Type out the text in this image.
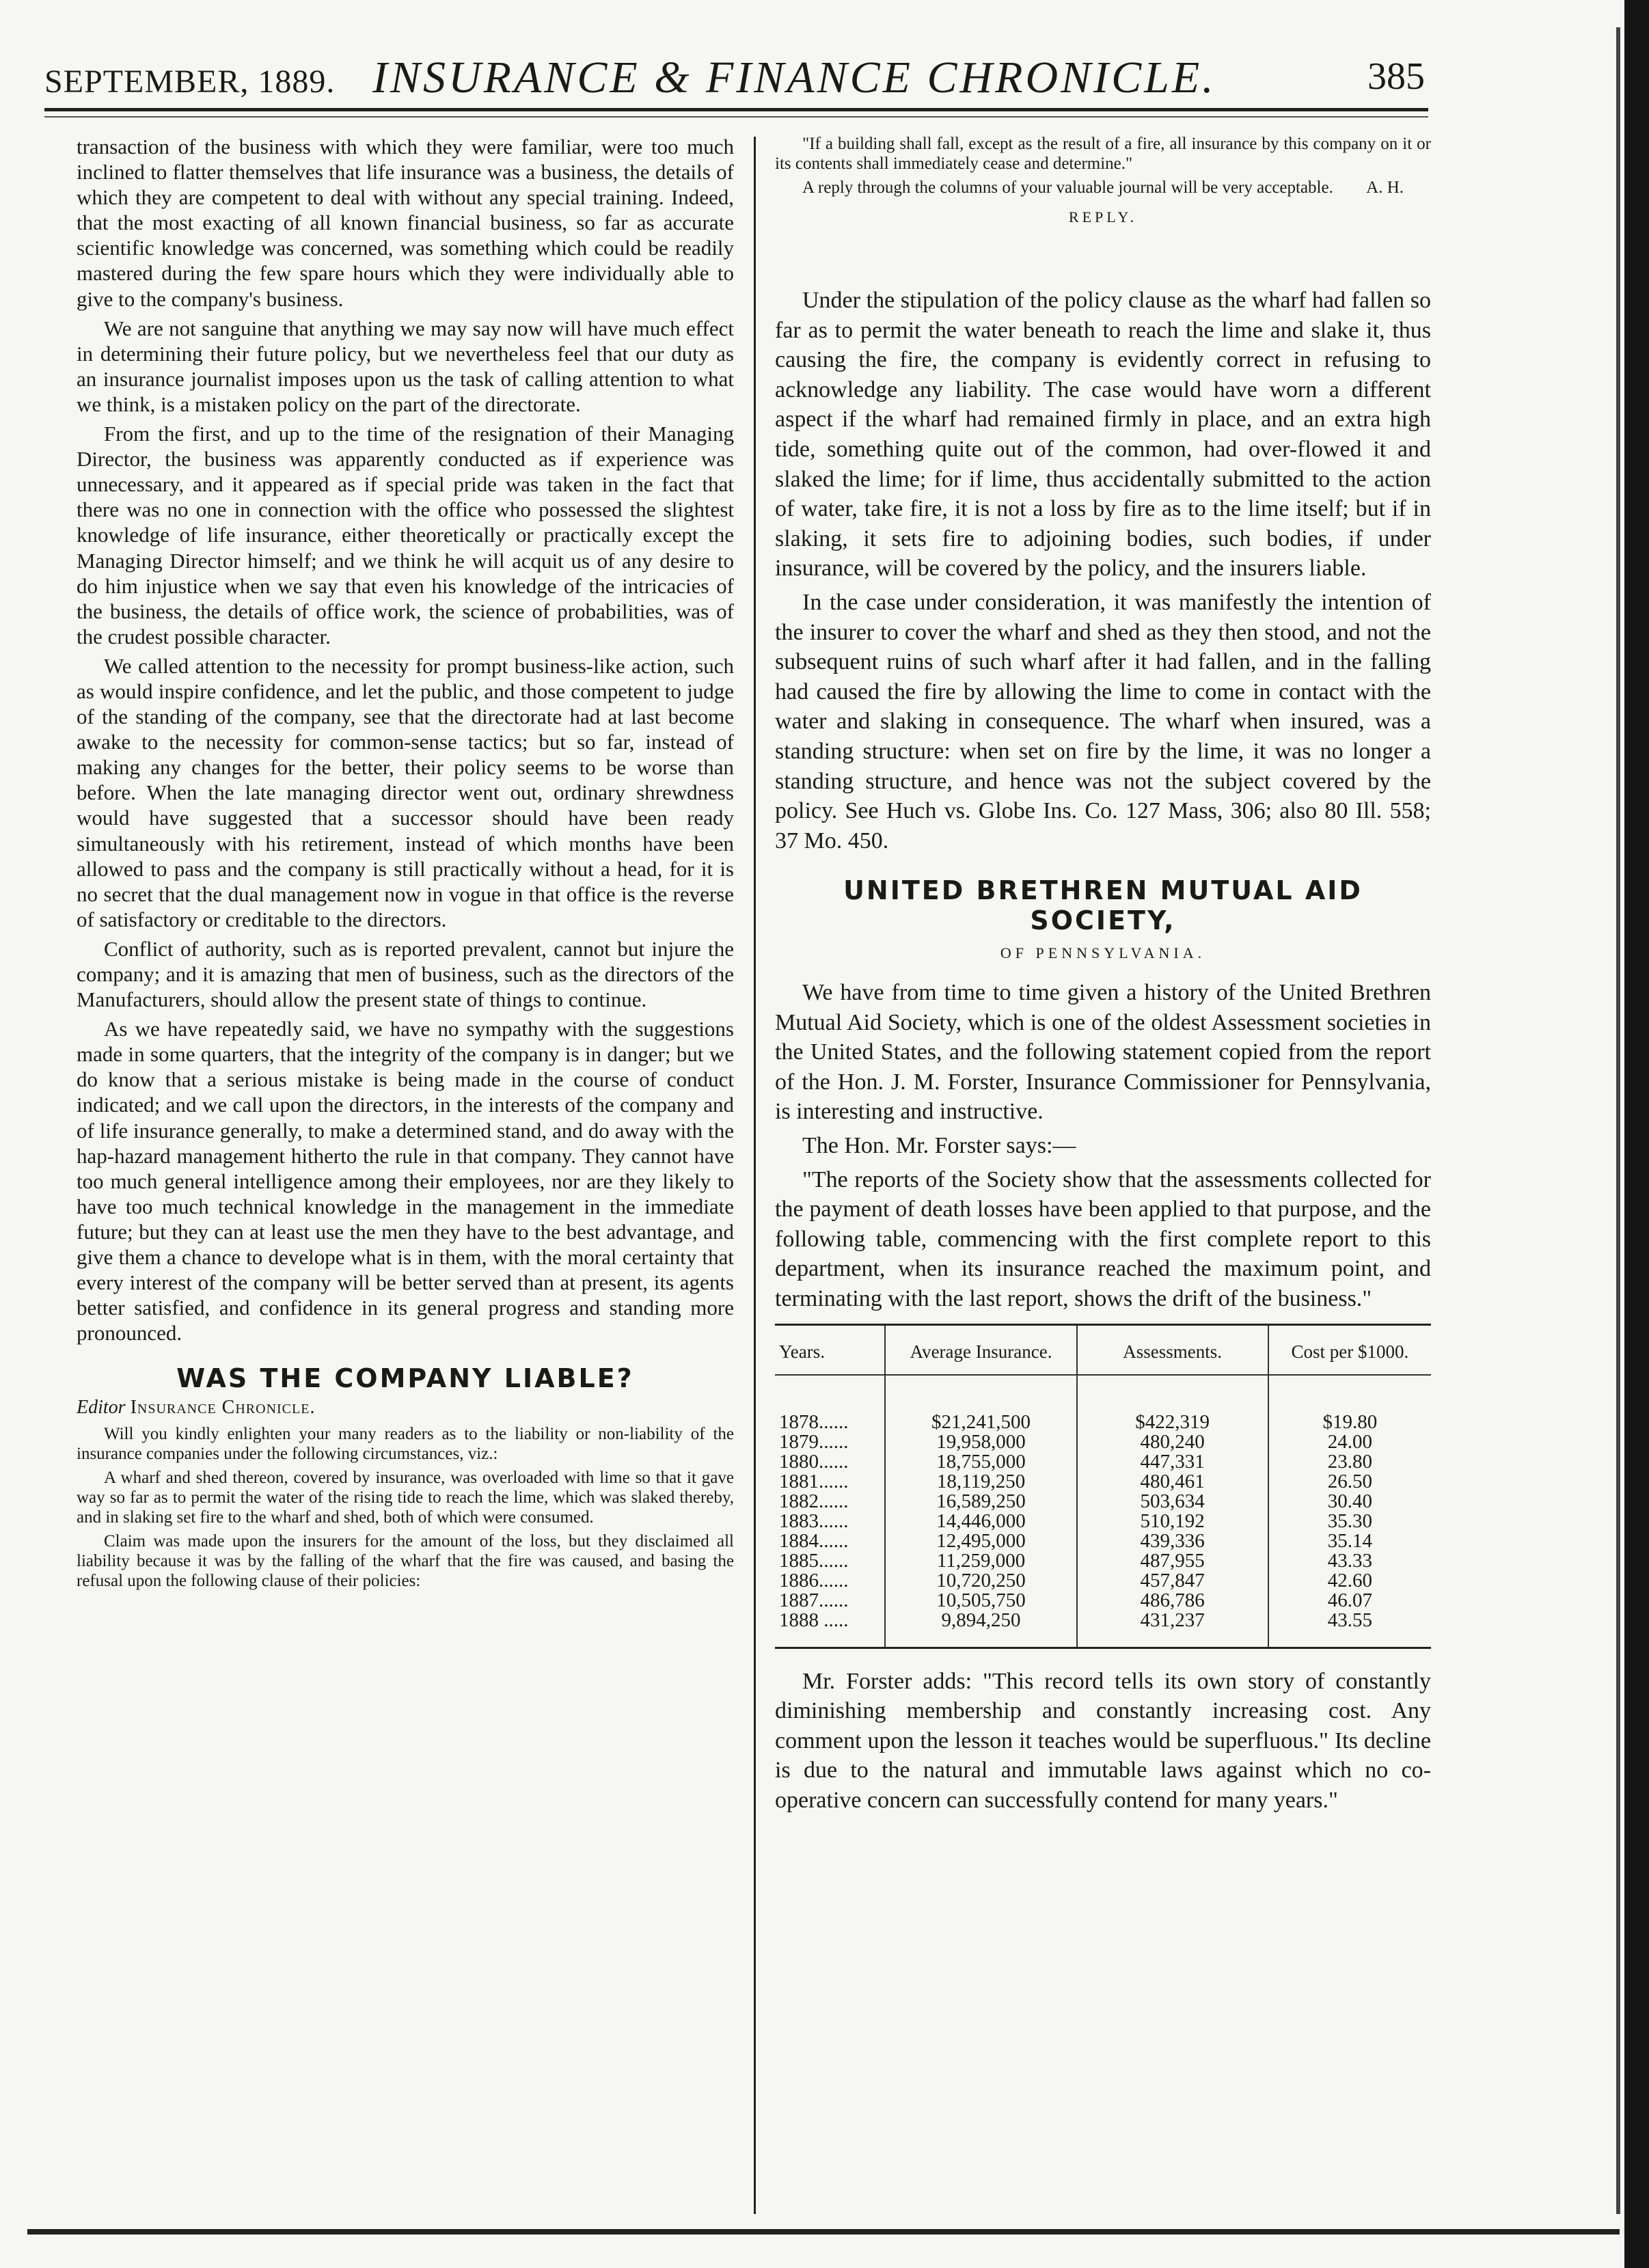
SEPTEMBER, 1889. INSURANCE & FINANCE CHRONICLE.	385

transaction of the business with which they were familiar, were too much inclined to flatter themselves that life insurance was a business, the details of which they are competent to deal with without any special training. Indeed, that the most exacting of all known financial business, so far as accurate scientific knowledge was concerned, was something which could be readily mastered during the few spare hours which they were individually able to give to the company's business.

We are not sanguine that anything we may say now will have much effect in determining their future policy, but we nevertheless feel that our duty as an insurance journalist imposes upon us the task of calling attention to what we think, is a mistaken policy on the part of the directorate.

From the first, and up to the time of the resignation of their Managing Director, the business was apparently conducted as if experience was unnecessary, and it appeared as if special pride was taken in the fact that there was no one in connection with the office who possessed the slightest knowledge of life insurance, either theoretically or practically except the Managing Director himself; and we think he will acquit us of any desire to do him injustice when we say that even his knowledge of the intricacies of the business, the details of office work, the science of probabilities, was of the crudest possible character.

We called attention to the necessity for prompt business-like action, such as would inspire confidence, and let the public, and those competent to judge of the standing of the company, see that the directorate had at last become awake to the necessity for common-sense tactics; but so far, instead of making any changes for the better, their policy seems to be worse than before. When the late managing director went out, ordinary shrewdness would have suggested that a successor should have been ready simultaneously with his retirement, instead of which months have been allowed to pass and the company is still practically without a head, for it is no secret that the dual management now in vogue in that office is the reverse of satisfactory or creditable to the directors.

Conflict of authority, such as is reported prevalent, cannot but injure the company; and it is amazing that men of business, such as the directors of the Manufacturers, should allow the present state of things to continue.

As we have repeatedly said, we have no sympathy with the suggestions made in some quarters, that the integrity of the company is in danger; but we do know that a serious mistake is being made in the course of conduct indicated; and we call upon the directors, in the interests of the company and of life insurance generally, to make a determined stand, and do away with the hap-hazard management hitherto the rule in that company. They cannot have too much general intelligence among their employees, nor are they likely to have too much technical knowledge in the management in the immediate future; but they can at least use the men they have to the best advantage, and give them a chance to develope what is in them, with the moral certainty that every interest of the company will be better served than at present, its agents better satisfied, and confidence in its general progress and standing more pronounced.

WAS THE COMPANY LIABLE?
Editor Insurance Chronicle.

Will you kindly enlighten your many readers as to the liability or non-liability of the insurance companies under the following circumstances, viz.:

A wharf and shed thereon, covered by insurance, was overloaded with lime so that it gave way so far as to permit the water of the rising tide to reach the lime, which was slaked thereby, and in slaking set fire to the wharf and shed, both of which were consumed.

Claim was made upon the insurers for the amount of the loss, but they disclaimed all liability because it was by the falling of the wharf that the fire was caused, and basing the refusal upon the following clause of their policies:

"If a building shall fall, except as the result of a fire, all insurance by this company on it or its contents shall immediately cease and determine."

A reply through the columns of your valuable journal will be very acceptable.	A. H.

REPLY.

Under the stipulation of the policy clause as the wharf had fallen so far as to permit the water beneath to reach the lime and slake it, thus causing the fire, the company is evidently correct in refusing to acknowledge any liability. The case would have worn a different aspect if the wharf had remained firmly in place, and an extra high tide, something quite out of the common, had over-flowed it and slaked the lime; for if lime, thus accidentally submitted to the action of water, take fire, it is not a loss by fire as to the lime itself; but if in slaking, it sets fire to adjoining bodies, such bodies, if under insurance, will be covered by the policy, and the insurers liable.

In the case under consideration, it was manifestly the intention of the insurer to cover the wharf and shed as they then stood, and not the subsequent ruins of such wharf after it had fallen, and in the falling had caused the fire by allowing the lime to come in contact with the water and slaking in consequence. The wharf when insured, was a standing structure: when set on fire by the lime, it was no longer a standing structure, and hence was not the subject covered by the policy. See Huch vs. Globe Ins. Co. 127 Mass, 306; also 80 Ill. 558; 37 Mo. 450.

UNITED BRETHREN MUTUAL AID SOCIETY,
OF PENNSYLVANIA.

We have from time to time given a history of the United Brethren Mutual Aid Society, which is one of the oldest Assessment societies in the United States, and the following statement copied from the report of the Hon. J. M. Forster, Insurance Commissioner for Pennsylvania, is interesting and instructive.

The Hon. Mr. Forster says:—

"The reports of the Society show that the assessments collected for the payment of death losses have been applied to that purpose, and the following table, commencing with the first complete report to this department, when its insurance reached the maximum point, and terminating with the last report, shows the drift of the business."

Years.	Average Insurance.	Assessments.	Cost per $1000.
1878......	$21,241,500	$422,319	$19.80
1879......	19,958,000	480,240	24.00
1880......	18,755,000	447,331	23.80
1881......	18,119,250	480,461	26.50
1882......	16,589,250	503,634	30.40
1883......	14,446,000	510,192	35.30
1884......	12,495,000	439,336	35.14
1885......	11,259,000	487,955	43.33
1886......	10,720,250	457,847	42.60
1887......	10,505,750	486,786	46.07
1888 .....	9,894,250	431,237	43.55

Mr. Forster adds: "This record tells its own story of constantly diminishing membership and constantly increasing cost. Any comment upon the lesson it teaches would be superfluous." Its decline is due to the natural and immutable laws against which no co-operative concern can successfully contend for many years."
